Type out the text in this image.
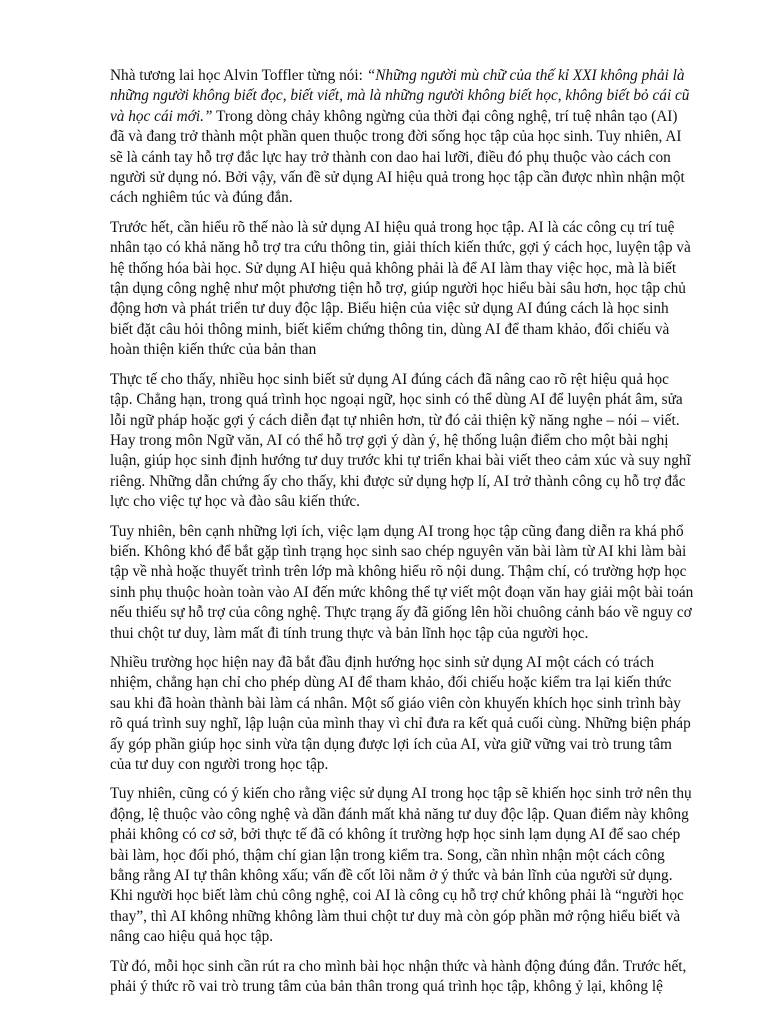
Nhà tương lai học Alvin Toffler từng nói: “Những người mù chữ của thế kỉ XXI không phải là những người không biết đọc, biết viết, mà là những người không biết học, không biết bỏ cái cũ và học cái mới.” Trong dòng chảy không ngừng của thời đại công nghệ, trí tuệ nhân tạo (AI) đã và đang trở thành một phần quen thuộc trong đời sống học tập của học sinh. Tuy nhiên, AI sẽ là cánh tay hỗ trợ đắc lực hay trở thành con dao hai lưỡi, điều đó phụ thuộc vào cách con người sử dụng nó. Bởi vậy, vấn đề sử dụng AI hiệu quả trong học tập cần được nhìn nhận một cách nghiêm túc và đúng đắn.

Trước hết, cần hiểu rõ thế nào là sử dụng AI hiệu quả trong học tập. AI là các công cụ trí tuệ nhân tạo có khả năng hỗ trợ tra cứu thông tin, giải thích kiến thức, gợi ý cách học, luyện tập và hệ thống hóa bài học. Sử dụng AI hiệu quả không phải là để AI làm thay việc học, mà là biết tận dụng công nghệ như một phương tiện hỗ trợ, giúp người học hiểu bài sâu hơn, học tập chủ động hơn và phát triển tư duy độc lập. Biểu hiện của việc sử dụng AI đúng cách là học sinh biết đặt câu hỏi thông minh, biết kiểm chứng thông tin, dùng AI để tham khảo, đối chiếu và hoàn thiện kiến thức của bản than

Thực tế cho thấy, nhiều học sinh biết sử dụng AI đúng cách đã nâng cao rõ rệt hiệu quả học tập. Chẳng hạn, trong quá trình học ngoại ngữ, học sinh có thể dùng AI để luyện phát âm, sửa lỗi ngữ pháp hoặc gợi ý cách diễn đạt tự nhiên hơn, từ đó cải thiện kỹ năng nghe – nói – viết. Hay trong môn Ngữ văn, AI có thể hỗ trợ gợi ý dàn ý, hệ thống luận điểm cho một bài nghị luận, giúp học sinh định hướng tư duy trước khi tự triển khai bài viết theo cảm xúc và suy nghĩ riêng. Những dẫn chứng ấy cho thấy, khi được sử dụng hợp lí, AI trở thành công cụ hỗ trợ đắc lực cho việc tự học và đào sâu kiến thức.

Tuy nhiên, bên cạnh những lợi ích, việc lạm dụng AI trong học tập cũng đang diễn ra khá phổ biến. Không khó để bắt gặp tình trạng học sinh sao chép nguyên văn bài làm từ AI khi làm bài tập về nhà hoặc thuyết trình trên lớp mà không hiểu rõ nội dung. Thậm chí, có trường hợp học sinh phụ thuộc hoàn toàn vào AI đến mức không thể tự viết một đoạn văn hay giải một bài toán nếu thiếu sự hỗ trợ của công nghệ. Thực trạng ấy đã giống lên hồi chuông cảnh báo về nguy cơ thui chột tư duy, làm mất đi tính trung thực và bản lĩnh học tập của người học.

Nhiều trường học hiện nay đã bắt đầu định hướng học sinh sử dụng AI một cách có trách nhiệm, chẳng hạn chỉ cho phép dùng AI để tham khảo, đối chiếu hoặc kiểm tra lại kiến thức sau khi đã hoàn thành bài làm cá nhân. Một số giáo viên còn khuyến khích học sinh trình bày rõ quá trình suy nghĩ, lập luận của mình thay vì chỉ đưa ra kết quả cuối cùng. Những biện pháp ấy góp phần giúp học sinh vừa tận dụng được lợi ích của AI, vừa giữ vững vai trò trung tâm của tư duy con người trong học tập.

Tuy nhiên, cũng có ý kiến cho rằng việc sử dụng AI trong học tập sẽ khiến học sinh trở nên thụ động, lệ thuộc vào công nghệ và dần đánh mất khả năng tư duy độc lập. Quan điểm này không phải không có cơ sở, bởi thực tế đã có không ít trường hợp học sinh lạm dụng AI để sao chép bài làm, học đối phó, thậm chí gian lận trong kiểm tra. Song, cần nhìn nhận một cách công bằng rằng AI tự thân không xấu; vấn đề cốt lõi nằm ở ý thức và bản lĩnh của người sử dụng. Khi người học biết làm chủ công nghệ, coi AI là công cụ hỗ trợ chứ không phải là “người học thay”, thì AI không những không làm thui chột tư duy mà còn góp phần mở rộng hiểu biết và nâng cao hiệu quả học tập.

Từ đó, mỗi học sinh cần rút ra cho mình bài học nhận thức và hành động đúng đắn. Trước hết, phải ý thức rõ vai trò trung tâm của bản thân trong quá trình học tập, không ỷ lại, không lệ
